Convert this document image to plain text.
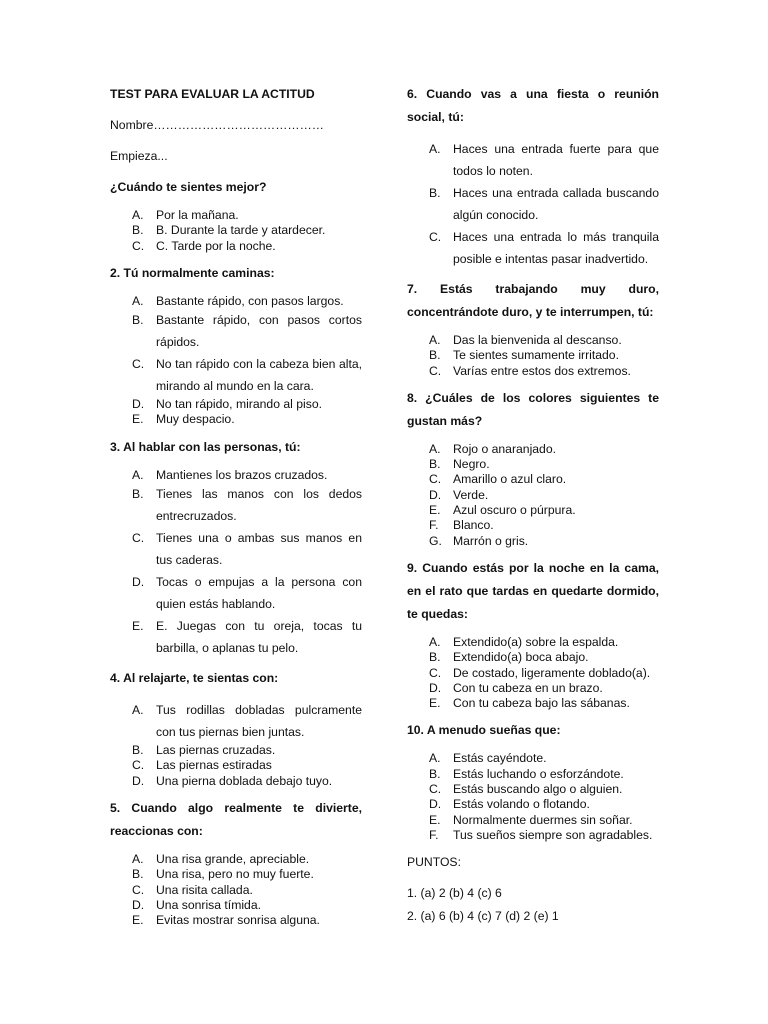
TEST PARA EVALUAR LA ACTITUD

Nombre……………………………………

Empieza...

¿Cuándo te sientes mejor?

A. Por la mañana.
B. B. Durante la tarde y atardecer.
C. C. Tarde por la noche.

2. Tú normalmente caminas:

A. Bastante rápido, con pasos largos.
B. Bastante rápido, con pasos cortos rápidos.
C. No tan rápido con la cabeza bien alta, mirando al mundo en la cara.
D. No tan rápido, mirando al piso.
E. Muy despacio.

3. Al hablar con las personas, tú:

A. Mantienes los brazos cruzados.
B. Tienes las manos con los dedos entrecruzados.
C. Tienes una o ambas sus manos en tus caderas.
D. Tocas o empujas a la persona con quien estás hablando.
E. E. Juegas con tu oreja, tocas tu barbilla, o aplanas tu pelo.

4. Al relajarte, te sientas con:

A. Tus rodillas dobladas pulcramente con tus piernas bien juntas.
B. Las piernas cruzadas.
C. Las piernas estiradas
D. Una pierna doblada debajo tuyo.

5. Cuando algo realmente te divierte, reaccionas con:

A. Una risa grande, apreciable.
B. Una risa, pero no muy fuerte.
C. Una risita callada.
D. Una sonrisa tímida.
E. Evitas mostrar sonrisa alguna.

6. Cuando vas a una fiesta o reunión social, tú:

A. Haces una entrada fuerte para que todos lo noten.
B. Haces una entrada callada buscando algún conocido.
C. Haces una entrada lo más tranquila posible e intentas pasar inadvertido.

7. Estás trabajando muy duro, concentrándote duro, y te interrumpen, tú:

A. Das la bienvenida al descanso.
B. Te sientes sumamente irritado.
C. Varías entre estos dos extremos.

8. ¿Cuáles de los colores siguientes te gustan más?

A. Rojo o anaranjado.
B. Negro.
C. Amarillo o azul claro.
D. Verde.
E. Azul oscuro o púrpura.
F. Blanco.
G. Marrón o gris.

9. Cuando estás por la noche en la cama, en el rato que tardas en quedarte dormido, te quedas:

A. Extendido(a) sobre la espalda.
B. Extendido(a) boca abajo.
C. De costado, ligeramente doblado(a).
D. Con tu cabeza en un brazo.
E. Con tu cabeza bajo las sábanas.

10. A menudo sueñas que:

A. Estás cayéndote.
B. Estás luchando o esforzándote.
C. Estás buscando algo o alguien.
D. Estás volando o flotando.
E. Normalmente duermes sin soñar.
F. Tus sueños siempre son agradables.

PUNTOS:

1. (a) 2 (b) 4 (c) 6

2. (a) 6 (b) 4 (c) 7 (d) 2 (e) 1
